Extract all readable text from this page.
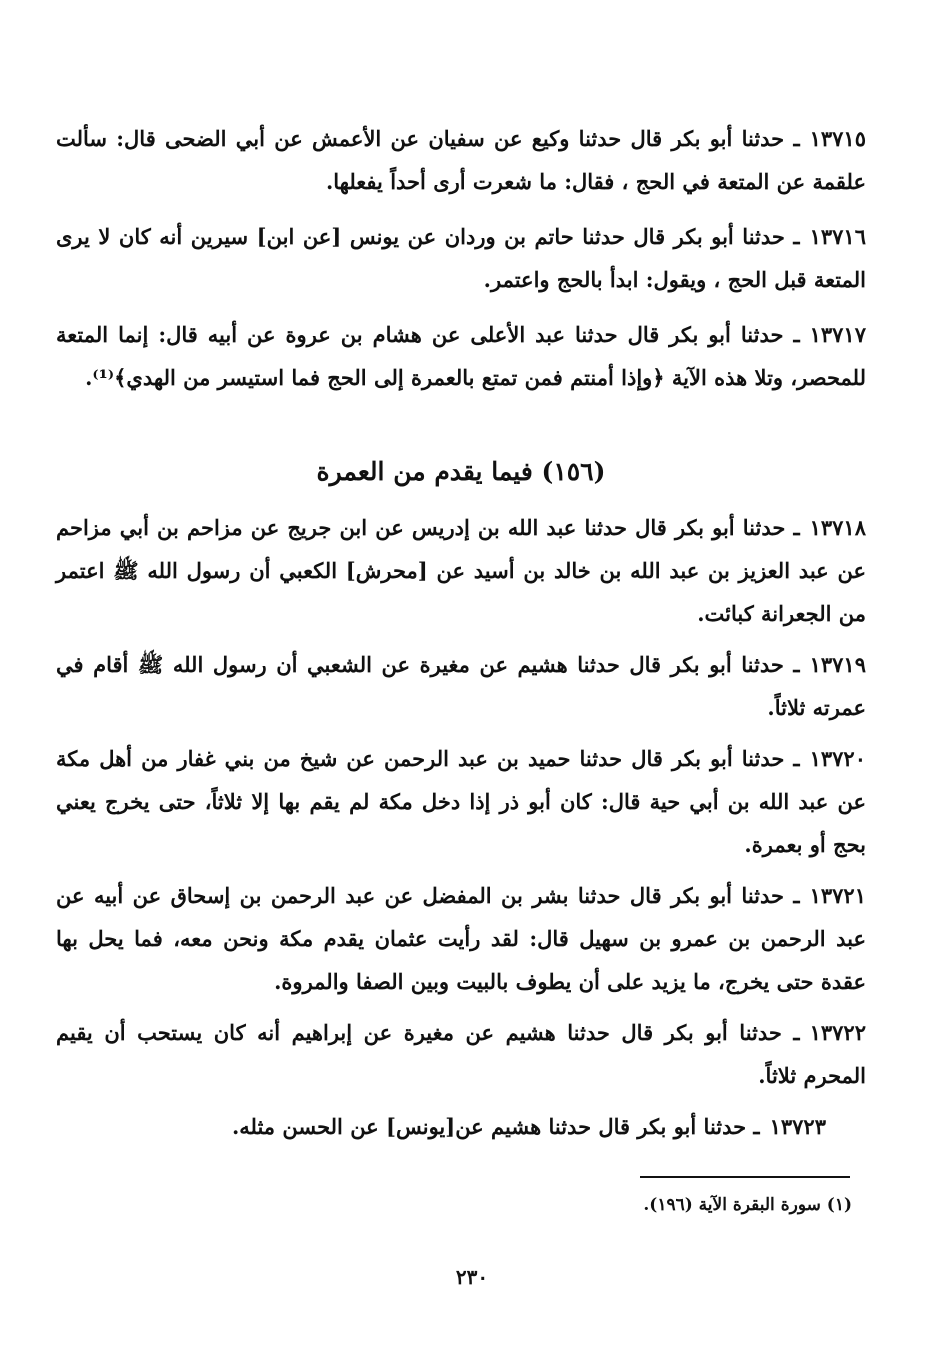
١٣٧١٥ـ حدثنا أبو بكر قال حدثنا وكيع عن سفيان عن الأعمش عن أبي الضحى قال: سألت علقمة عن المتعة في الحج ، فقال: ما شعرت أرى أحداً يفعلها.

١٣٧١٦ـ حدثنا أبو بكر قال حدثنا حاتم بن وردان عن يونس [عن ابن] سيرين أنه كان لا يرى المتعة قبل الحج ، ويقول: ابدأ بالحج واعتمر.

١٣٧١٧ـ حدثنا أبو بكر قال حدثنا عبد الأعلى عن هشام بن عروة عن أبيه قال: إنما المتعة للمحصر، وتلا هذه الآية ﴿وإذا أمنتم فمن تمتع بالعمرة إلى الحج فما استيسر من الهدي﴾⁽¹⁾.

(١٥٦) فيما يقدم من العمرة

١٣٧١٨ـ حدثنا أبو بكر قال حدثنا عبد الله بن إدريس عن ابن جريج عن مزاحم بن أبي مزاحم عن عبد العزيز بن عبد الله بن خالد بن أسيد عن [محرش] الكعبي أن رسول الله ﷺ اعتمر من الجعرانة كبائت.

١٣٧١٩ـ حدثنا أبو بكر قال حدثنا هشيم عن مغيرة عن الشعبي أن رسول الله ﷺ أقام في عمرته ثلاثاً.

١٣٧٢٠ـ حدثنا أبو بكر قال حدثنا حميد بن عبد الرحمن عن شيخ من بني غفار من أهل مكة عن عبد الله بن أبي حية قال: كان أبو ذر إذا دخل مكة لم يقم بها إلا ثلاثاً، حتى يخرج يعني بحج أو بعمرة.

١٣٧٢١ـ حدثنا أبو بكر قال حدثنا بشر بن المفضل عن عبد الرحمن بن إسحاق عن أبيه عن عبد الرحمن بن عمرو بن سهيل قال: لقد رأيت عثمان يقدم مكة ونحن معه، فما يحل بها عقدة حتى يخرج، ما يزيد على أن يطوف بالبيت وبين الصفا والمروة.

١٣٧٢٢ـ حدثنا أبو بكر قال حدثنا هشيم عن مغيرة عن إبراهيم أنه كان يستحب أن يقيم المحرم ثلاثاً.

١٣٧٢٣ـ حدثنا أبو بكر قال حدثنا هشيم عن[يونس] عن الحسن مثله.

(١) سورة البقرة الآية (١٩٦).

٢٣٠
